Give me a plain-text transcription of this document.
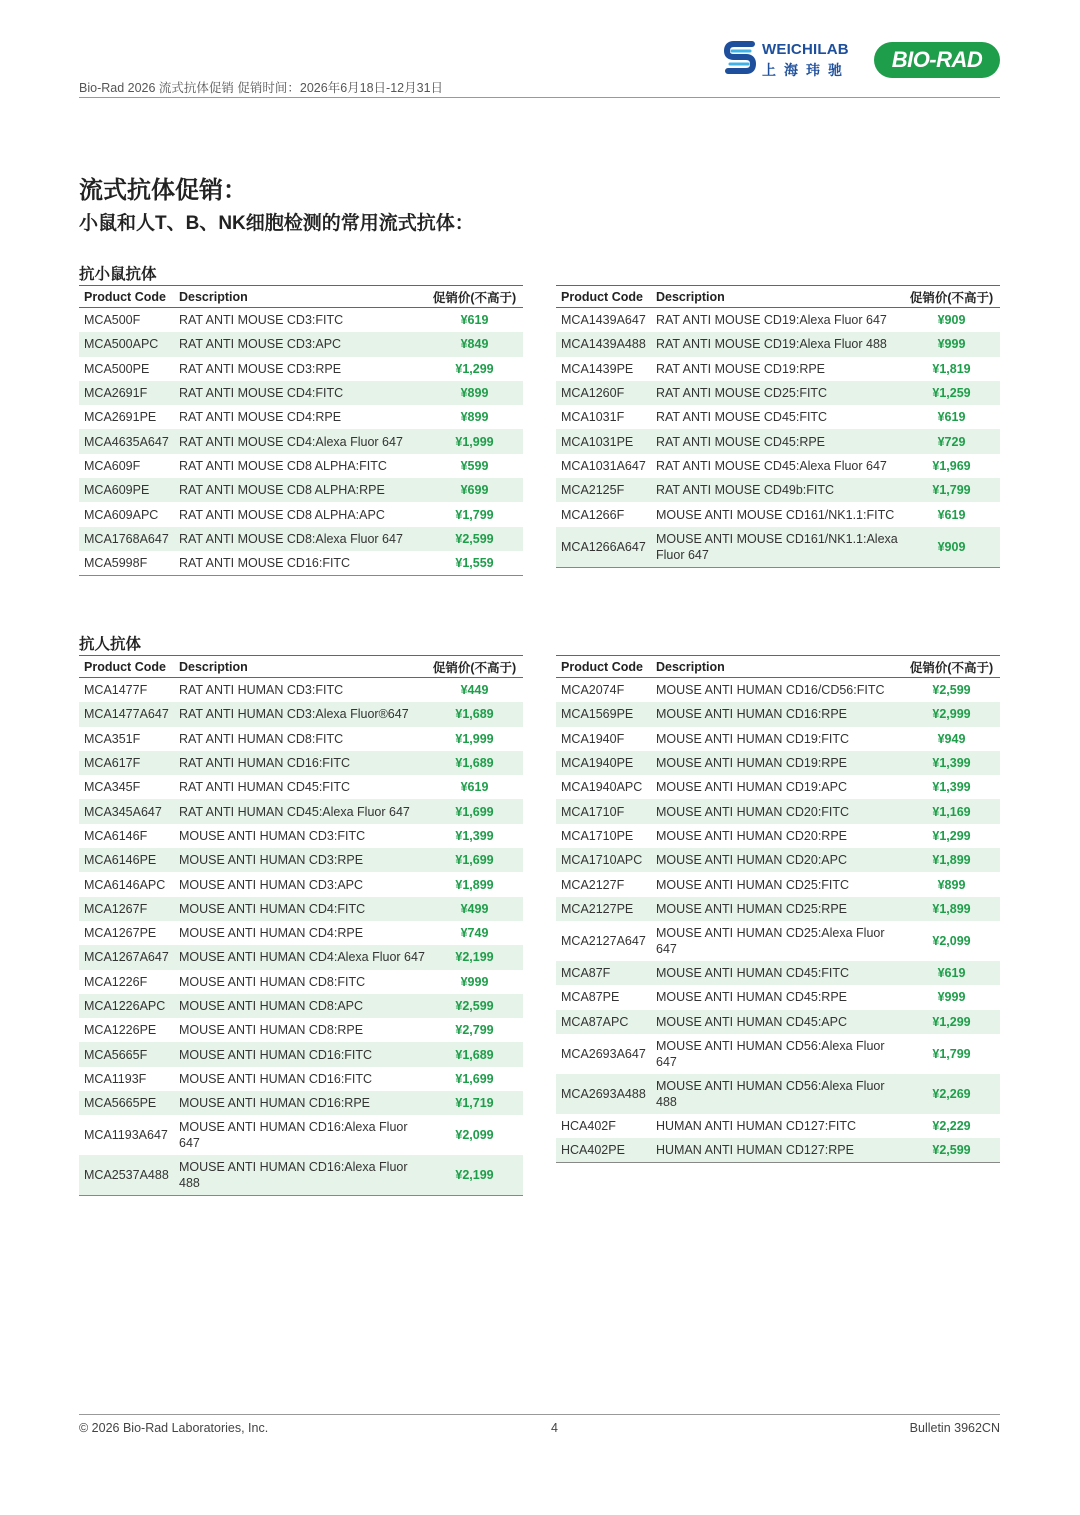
Bio-Rad 2026 流式抗体促销 促销时间：2026年6月18日-12月31日
WEICHILAB
上海玮驰	BIO-RAD
流式抗体促销：
小鼠和人T、B、NK细胞检测的常用流式抗体：
抗小鼠抗体
Product Code	Description	促销价(不高于)
MCA500F	RAT ANTI MOUSE CD3:FITC	¥619
MCA500APC	RAT ANTI MOUSE CD3:APC	¥849
MCA500PE	RAT ANTI MOUSE CD3:RPE	¥1,299
MCA2691F	RAT ANTI MOUSE CD4:FITC	¥899
MCA2691PE	RAT ANTI MOUSE CD4:RPE	¥899
MCA4635A647	RAT ANTI MOUSE CD4:Alexa Fluor 647	¥1,999
MCA609F	RAT ANTI MOUSE CD8 ALPHA:FITC	¥599
MCA609PE	RAT ANTI MOUSE CD8 ALPHA:RPE	¥699
MCA609APC	RAT ANTI MOUSE CD8 ALPHA:APC	¥1,799
MCA1768A647	RAT ANTI MOUSE CD8:Alexa Fluor 647	¥2,599
MCA5998F	RAT ANTI MOUSE CD16:FITC	¥1,559
Product Code	Description	促销价(不高于)
MCA1439A647	RAT ANTI MOUSE CD19:Alexa Fluor 647	¥909
MCA1439A488	RAT ANTI MOUSE CD19:Alexa Fluor 488	¥999
MCA1439PE	RAT ANTI MOUSE CD19:RPE	¥1,819
MCA1260F	RAT ANTI MOUSE CD25:FITC	¥1,259
MCA1031F	RAT ANTI MOUSE CD45:FITC	¥619
MCA1031PE	RAT ANTI MOUSE CD45:RPE	¥729
MCA1031A647	RAT ANTI MOUSE CD45:Alexa Fluor 647	¥1,969
MCA2125F	RAT ANTI MOUSE CD49b:FITC	¥1,799
MCA1266F	MOUSE ANTI MOUSE CD161/NK1.1:FITC	¥619
MCA1266A647	MOUSE ANTI MOUSE CD161/NK1.1:Alexa Fluor 647	¥909
抗人抗体
Product Code	Description	促销价(不高于)
MCA1477F	RAT ANTI HUMAN CD3:FITC	¥449
MCA1477A647	RAT ANTI HUMAN CD3:Alexa Fluor®647	¥1,689
MCA351F	RAT ANTI HUMAN CD8:FITC	¥1,999
MCA617F	RAT ANTI HUMAN CD16:FITC	¥1,689
MCA345F	RAT ANTI HUMAN CD45:FITC	¥619
MCA345A647	RAT ANTI HUMAN CD45:Alexa Fluor 647	¥1,699
MCA6146F	MOUSE ANTI HUMAN CD3:FITC	¥1,399
MCA6146PE	MOUSE ANTI HUMAN CD3:RPE	¥1,699
MCA6146APC	MOUSE ANTI HUMAN CD3:APC	¥1,899
MCA1267F	MOUSE ANTI HUMAN CD4:FITC	¥499
MCA1267PE	MOUSE ANTI HUMAN CD4:RPE	¥749
MCA1267A647	MOUSE ANTI HUMAN CD4:Alexa Fluor 647	¥2,199
MCA1226F	MOUSE ANTI HUMAN CD8:FITC	¥999
MCA1226APC	MOUSE ANTI HUMAN CD8:APC	¥2,599
MCA1226PE	MOUSE ANTI HUMAN CD8:RPE	¥2,799
MCA5665F	MOUSE ANTI HUMAN CD16:FITC	¥1,689
MCA1193F	MOUSE ANTI HUMAN CD16:FITC	¥1,699
MCA5665PE	MOUSE ANTI HUMAN CD16:RPE	¥1,719
MCA1193A647	MOUSE ANTI HUMAN CD16:Alexa Fluor 647	¥2,099
MCA2537A488	MOUSE ANTI HUMAN CD16:Alexa Fluor 488	¥2,199
Product Code	Description	促销价(不高于)
MCA2074F	MOUSE ANTI HUMAN CD16/CD56:FITC	¥2,599
MCA1569PE	MOUSE ANTI HUMAN CD16:RPE	¥2,999
MCA1940F	MOUSE ANTI HUMAN CD19:FITC	¥949
MCA1940PE	MOUSE ANTI HUMAN CD19:RPE	¥1,399
MCA1940APC	MOUSE ANTI HUMAN CD19:APC	¥1,399
MCA1710F	MOUSE ANTI HUMAN CD20:FITC	¥1,169
MCA1710PE	MOUSE ANTI HUMAN CD20:RPE	¥1,299
MCA1710APC	MOUSE ANTI HUMAN CD20:APC	¥1,899
MCA2127F	MOUSE ANTI HUMAN CD25:FITC	¥899
MCA2127PE	MOUSE ANTI HUMAN CD25:RPE	¥1,899
MCA2127A647	MOUSE ANTI HUMAN CD25:Alexa Fluor 647	¥2,099
MCA87F	MOUSE ANTI HUMAN CD45:FITC	¥619
MCA87PE	MOUSE ANTI HUMAN CD45:RPE	¥999
MCA87APC	MOUSE ANTI HUMAN CD45:APC	¥1,299
MCA2693A647	MOUSE ANTI HUMAN CD56:Alexa Fluor 647	¥1,799
MCA2693A488	MOUSE ANTI HUMAN CD56:Alexa Fluor 488	¥2,269
HCA402F	HUMAN ANTI HUMAN CD127:FITC	¥2,229
HCA402PE	HUMAN ANTI HUMAN CD127:RPE	¥2,599
© 2026 Bio-Rad Laboratories, Inc.	4	Bulletin 3962CN
